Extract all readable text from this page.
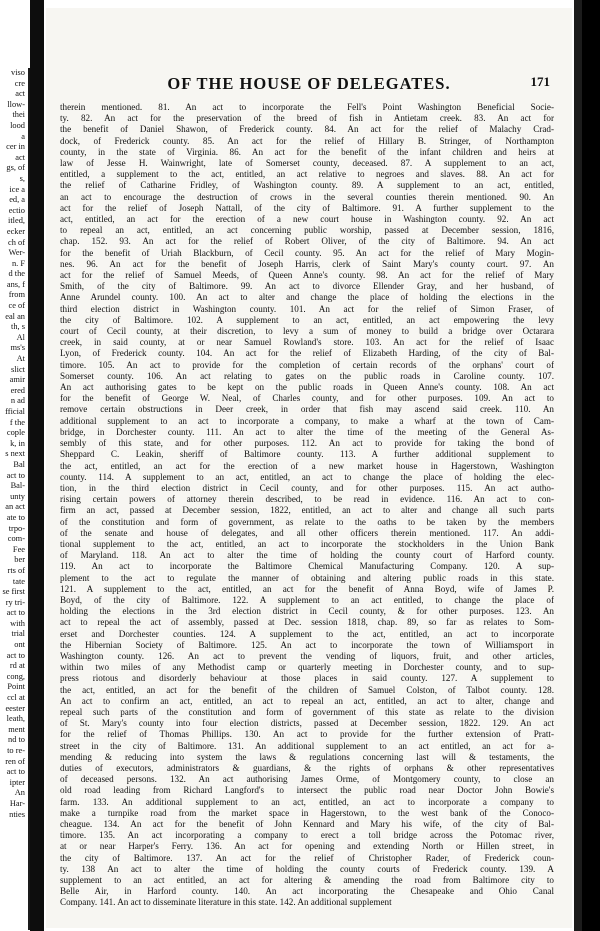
viso
cre
act
llow-
thei
lood
a
cer in
act
gs, of
s,
ice a
ed, a
ectio
itled,
ecker
ch of
Wer-
n. F
d the
ans, f
from
ce of
eal an
th, s
Al
ms's
At
slict
amir
ered
n ad
fficial
f the
cople
k, in
s next
Bal
act to
Bal-
unty
an act
ate to
trpo-
com-
Fee
ber
rts of
tate
se first
ry tri-
act to
with
trial
ont
act to
rd at
cong,
Point
ccl at
eester
leath,
ment
nd to
to re-
ren of
act to
ipter
An
Har-
nties
OF THE HOUSE OF DELEGATES.	171
therein mentioned. 81. An act to incorporate the Fell's Point Washington Beneficial Socie-
ty. 82. An act for the preservation of the breed of fish in Antietam creek. 83. An act for
the benefit of Daniel Shawon, of Frederick county. 84. An act for the relief of Malachy Crad-
dock, of Frederick county. 85. An act for the relief of Hillary B. Stringer, of Northampton
county, in the state of Virginia. 86. An act for the benefit of the infant children and heirs at
law of Jesse H. Wainwright, late of Somerset county, deceased. 87. A supplement to an act,
entitled, a supplement to the act, entitled, an act relative to negroes and slaves. 88. An act for
the relief of Catharine Fridley, of Washington county. 89. A supplement to an act, entitled,
an act to encourage the destruction of crows in the several counties therein mentioned. 90. An
act for the relief of Joseph Nattall, of the city of Baltimore. 91. A further supplement to the
act, entitled, an act for the erection of a new court house in Washington county. 92. An act
to repeal an act, entitled, an act concerning public worship, passed at December session, 1816,
chap. 152. 93. An act for the relief of Robert Oliver, of the city of Baltimore. 94. An act
for the benefit of Uriah Blackburn, of Cecil county. 95. An act for the relief of Mary Mogin-
nes. 96. An act for the benefit of Joseph Harris, clerk of Saint Mary's county court. 97. An
act for the relief of Samuel Meeds, of Queen Anne's county. 98. An act for the relief of Mary
Smith, of the city of Baltimore. 99. An act to divorce Ellender Gray, and her husband, of
Anne Arundel county. 100. An act to alter and change the place of holding the elections in the
third election district in Washington county. 101. An act for the relief of Simon Fraser, of
the city of Baltimore. 102. A supplement to an act, entitled, an act empowering the levy
court of Cecil county, at their discretion, to levy a sum of money to build a bridge over Octarara
creek, in said county, at or near Samuel Rowland's store. 103. An act for the relief of Isaac
Lyon, of Frederick county. 104. An act for the relief of Elizabeth Harding, of the city of Bal-
timore. 105. An act to provide for the completion of certain records of the orphans' court of
Somerset county. 106. An act relating to gates on the public roads in Caroline county. 107.
An act authorising gates to be kept on the public roads in Queen Anne's county. 108. An act
for the benefit of George W. Neal, of Charles county, and for other purposes. 109. An act to
remove certain obstructions in Deer creek, in order that fish may ascend said creek. 110. An
additional supplement to an act to incorporate a company, to make a wharf at the town of Cam-
bridge, in Dorchester county. 111. An act to alter the time of the meeting of the General As-
sembly of this state, and for other purposes. 112. An act to provide for taking the bond of
Sheppard C. Leakin, sheriff of Baltimore county. 113. A further additional supplement to
the act, entitled, an act for the erection of a new market house in Hagerstown, Washington
county. 114. A supplement to an act, entitled, an act to change the place of holding the elec-
tion, in the third election district in Cecil county, and for other purposes. 115. An act autho-
rising certain powers of attorney therein described, to be read in evidence. 116. An act to con-
firm an act, passed at December session, 1822, entitled, an act to alter and change all such parts
of the constitution and form of government, as relate to the oaths to be taken by the members
of the senate and house of delegates, and all other officers therein mentioned. 117. An addi-
tional supplement to the act, entitled, an act to incorporate the stockholders in the Union Bank
of Maryland. 118. An act to alter the time of holding the county court of Harford county.
119. An act to incorporate the Baltimore Chemical Manufacturing Company. 120. A sup-
plement to the act to regulate the manner of obtaining and altering public roads in this state.
121. A supplement to the act, entitled, an act for the benefit of Anna Boyd, wife of James P.
Boyd, of the city of Baltimore. 122. A supplement to an act entitled, to change the place of
holding the elections in the 3rd election district in Cecil county, & for other purposes. 123. An
act to repeal the act of assembly, passed at Dec. session 1818, chap. 89, so far as relates to Som-
erset and Dorchester counties. 124. A supplement to the act, entitled, an act to incorporate
the Hibernian Society of Baltimore. 125. An act to incorporate the town of Williamsport in
Washington county. 126. An act to prevent the vending of liquors, fruit, and other articles,
within two miles of any Methodist camp or quarterly meeting in Dorchester county, and to sup-
press riotous and disorderly behaviour at those places in said county. 127. A supplement to
the act, entitled, an act for the benefit of the children of Samuel Colston, of Talbot county. 128.
An act to confirm an act, entitled, an act to repeal an act, entitled, an act to alter, change and
repeal such parts of the constitution and form of government of this state as relate to the division
of St. Mary's county into four election districts, passed at December session, 1822. 129. An act
for the relief of Thomas Phillips. 130. An act to provide for the further extension of Pratt-
street in the city of Baltimore. 131. An additional supplement to an act entitled, an act for a-
mending & reducing into system the laws & regulations concerning last will & testaments, the
duties of executors, administrators & guardians, & the rights of orphans & other representatives
of deceased persons. 132. An act authorising James Orme, of Montgomery county, to close an
old road leading from Richard Langford's to intersect the public road near Doctor John Bowie's
farm. 133. An additional supplement to an act, entitled, an act to incorporate a company to
make a turnpike road from the market space in Hagerstown, to the west bank of the Conoco-
cheague. 134. An act for the benefit of John Kennard and Mary his wife, of the city of Bal-
timore. 135. An act incorporating a company to erect a toll bridge across the Potomac river,
at or near Harper's Ferry. 136. An act for opening and extending North or Hillen street, in
the city of Baltimore. 137. An act for the relief of Christopher Rader, of Frederick coun-
ty. 138 An act to alter the time of holding the county courts of Frederick county. 139. A
supplement to an act entitled, an act for altering & amending the road from Baltimore city to
Belle Air, in Harford county. 140. An act incorporating the Chesapeake and Ohio Canal
Company. 141. An act to disseminate literature in this state. 142. An additional supplement
